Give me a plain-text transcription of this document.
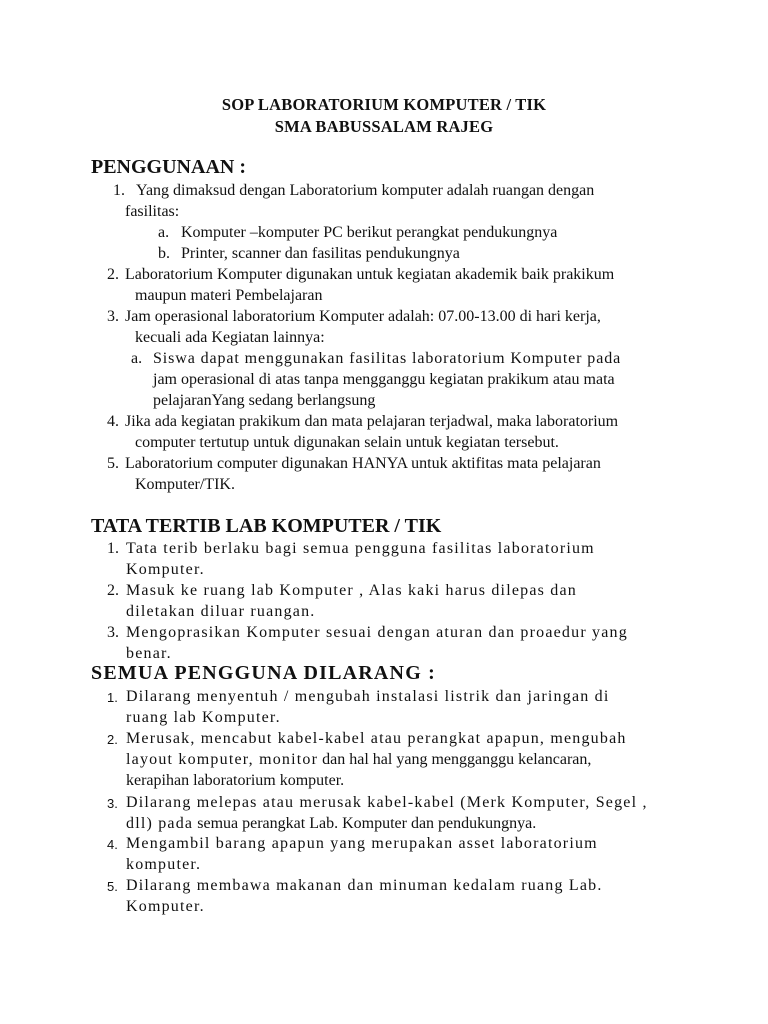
SOP LABORATORIUM KOMPUTER / TIK
SMA BABUSSALAM RAJEG
PENGGUNAAN :
1. Yang dimaksud dengan Laboratorium komputer adalah ruangan dengan
fasilitas:
a. Komputer –komputer PC berikut perangkat pendukungnya
b. Printer, scanner dan fasilitas pendukungnya
2. Laboratorium Komputer digunakan untuk kegiatan akademik baik prakikum
maupun materi Pembelajaran
3. Jam operasional laboratorium Komputer adalah: 07.00-13.00 di hari kerja,
kecuali ada Kegiatan lainnya:
a. Siswa dapat menggunakan fasilitas laboratorium Komputer pada
jam operasional di atas tanpa mengganggu kegiatan prakikum atau mata
pelajaranYang sedang berlangsung
4. Jika ada kegiatan prakikum dan mata pelajaran terjadwal, maka laboratorium
computer tertutup untuk digunakan selain untuk kegiatan tersebut.
5. Laboratorium computer digunakan HANYA untuk aktifitas mata pelajaran
Komputer/TIK.
TATA TERTIB LAB KOMPUTER / TIK
1. Tata terib berlaku bagi semua pengguna fasilitas laboratorium
Komputer.
2. Masuk ke ruang lab Komputer , Alas kaki harus dilepas dan
diletakan diluar ruangan.
3. Mengoprasikan Komputer sesuai dengan aturan dan proaedur yang
benar.
SEMUA PENGGUNA DILARANG :
1. Dilarang menyentuh / mengubah instalasi listrik dan jaringan di
ruang lab Komputer.
2. Merusak, mencabut kabel-kabel atau perangkat apapun, mengubah
layout komputer, monitor dan hal hal yang mengganggu kelancaran,
kerapihan laboratorium komputer.
3. Dilarang melepas atau merusak kabel-kabel (Merk Komputer, Segel ,
dll) pada semua perangkat Lab. Komputer dan pendukungnya.
4. Mengambil barang apapun yang merupakan asset laboratorium
komputer.
5. Dilarang membawa makanan dan minuman kedalam ruang Lab.
Komputer.
